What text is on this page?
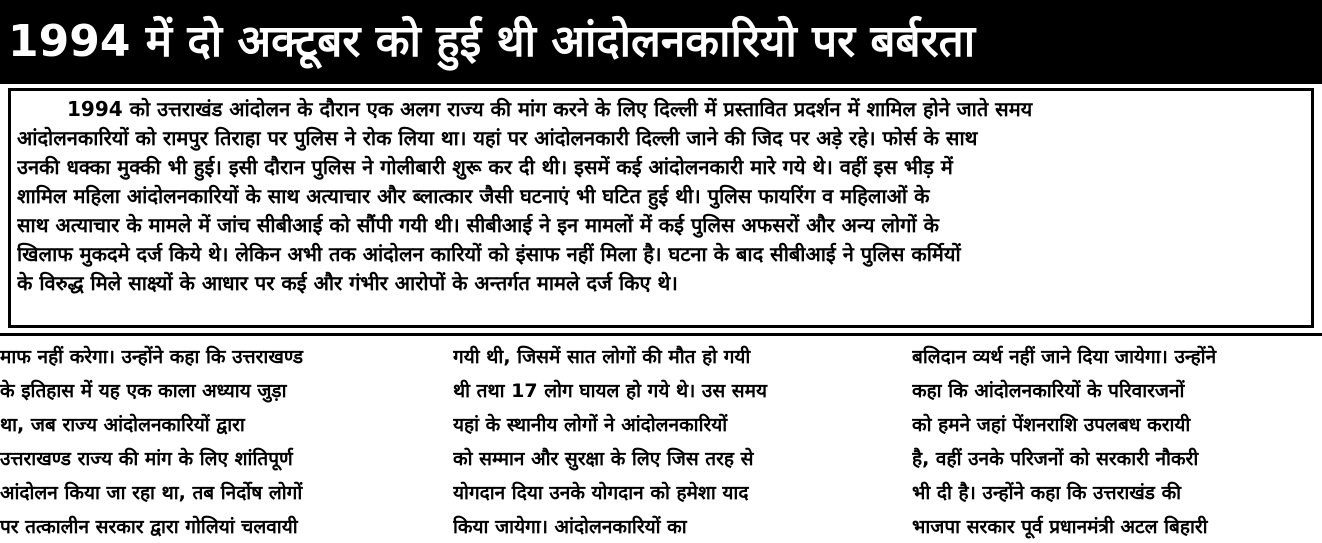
1994 में दो अक्टूबर को हुई थी आंदोलनकारियो पर बर्बरता
1994 को उत्तराखंड आंदोलन के दौरान एक अलग राज्य की मांग करने के लिए दिल्ली में प्रस्तावित प्रदर्शन में शामिल होने जाते समय
आंदोलनकारियों को रामपुर तिराहा पर पुलिस ने रोक लिया था। यहां पर आंदोलनकारी दिल्ली जाने की जिद पर अड़े रहे। फोर्स के साथ
उनकी धक्का मुक्की भी हुई। इसी दौरान पुलिस ने गोलीबारी शुरू कर दी थी। इसमें कई आंदोलनकारी मारे गये थे। वहीं इस भीड़ में
शामिल महिला आंदोलनकारियों के साथ अत्याचार और ब्लात्कार जैसी घटनाएं भी घटित हुई थी। पुलिस फायरिंग व महिलाओं के
साथ अत्याचार के मामले में जांच सीबीआई को सौंपी गयी थी। सीबीआई ने इन मामलों में कई पुलिस अफसरों और अन्य लोगों के
खिलाफ मुकदमे दर्ज किये थे। लेकिन अभी तक आंदोलन कारियों को इंसाफ नहीं मिला है। घटना के बाद सीबीआई ने पुलिस कर्मियों
के विरुद्ध मिले साक्ष्यों के आधार पर कई और गंभीर आरोपों के अन्तर्गत मामले दर्ज किए थे।
माफ नहीं करेगा। उन्होंने कहा कि उत्तराखण्ड
के इतिहास में यह एक काला अध्याय जुड़ा
था, जब राज्य आंदोलनकारियों द्वारा
उत्तराखण्ड राज्य की मांग के लिए शांतिपूर्ण
आंदोलन किया जा रहा था, तब निर्दोष लोगों
पर तत्कालीन सरकार द्वारा गोलियां चलवायी
गयी थी, जिसमें सात लोगों की मौत हो गयी
थी तथा 17 लोग घायल हो गये थे। उस समय
यहां के स्थानीय लोगों ने आंदोलनकारियों
को सम्मान और सुरक्षा के लिए जिस तरह से
योगदान दिया उनके योगदान को हमेशा याद
किया जायेगा। आंदोलनकारियों का
बलिदान व्यर्थ नहीं जाने दिया जायेगा। उन्होंने
कहा कि आंदोलनकारियों के परिवारजनों
को हमने जहां पेंशनराशि उपलबध करायी
है, वहीं उनके परिजनों को सरकारी नौकरी
भी दी है। उन्होंने कहा कि उत्तराखंड की
भाजपा सरकार पूर्व प्रधानमंत्री अटल बिहारी
